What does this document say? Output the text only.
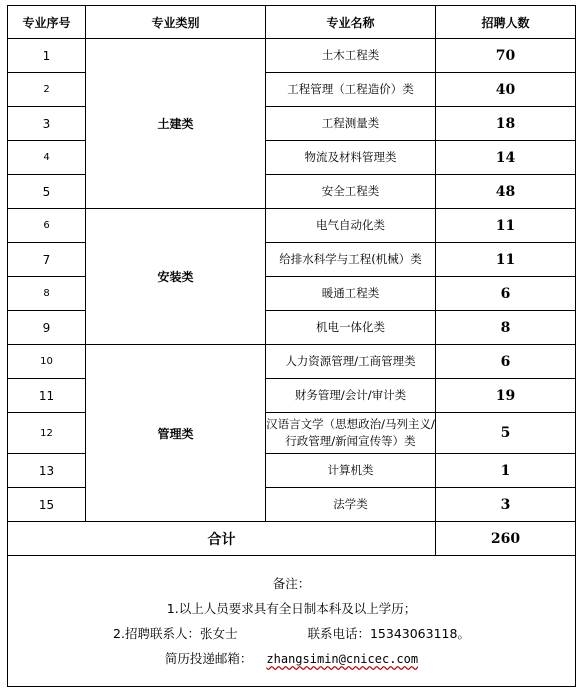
专业序号	专业类别	专业名称	招聘人数
1	土建类	土木工程类	70
2		工程管理（工程造价）类	40
3		工程测量类	18
4		物流及材料管理类	14
5		安全工程类	48
6	安装类	电气自动化类	11
7		给排水科学与工程(机械）类	11
8		暖通工程类	6
9		机电一体化类	8
10	管理类	人力资源管理/工商管理类	6
11		财务管理/会计/审计类	19
12		汉语言文学（思想政治/马列主义/行政管理/新闻宣传等）类	5
13		计算机类	1
15		法学类	3
合计			260

备注：
1.以上人员要求具有全日制本科及以上学历；
2.招聘联系人：张女士 联系电话：15343063118。
简历投递邮箱： zhangsimin@cnicec.com			
